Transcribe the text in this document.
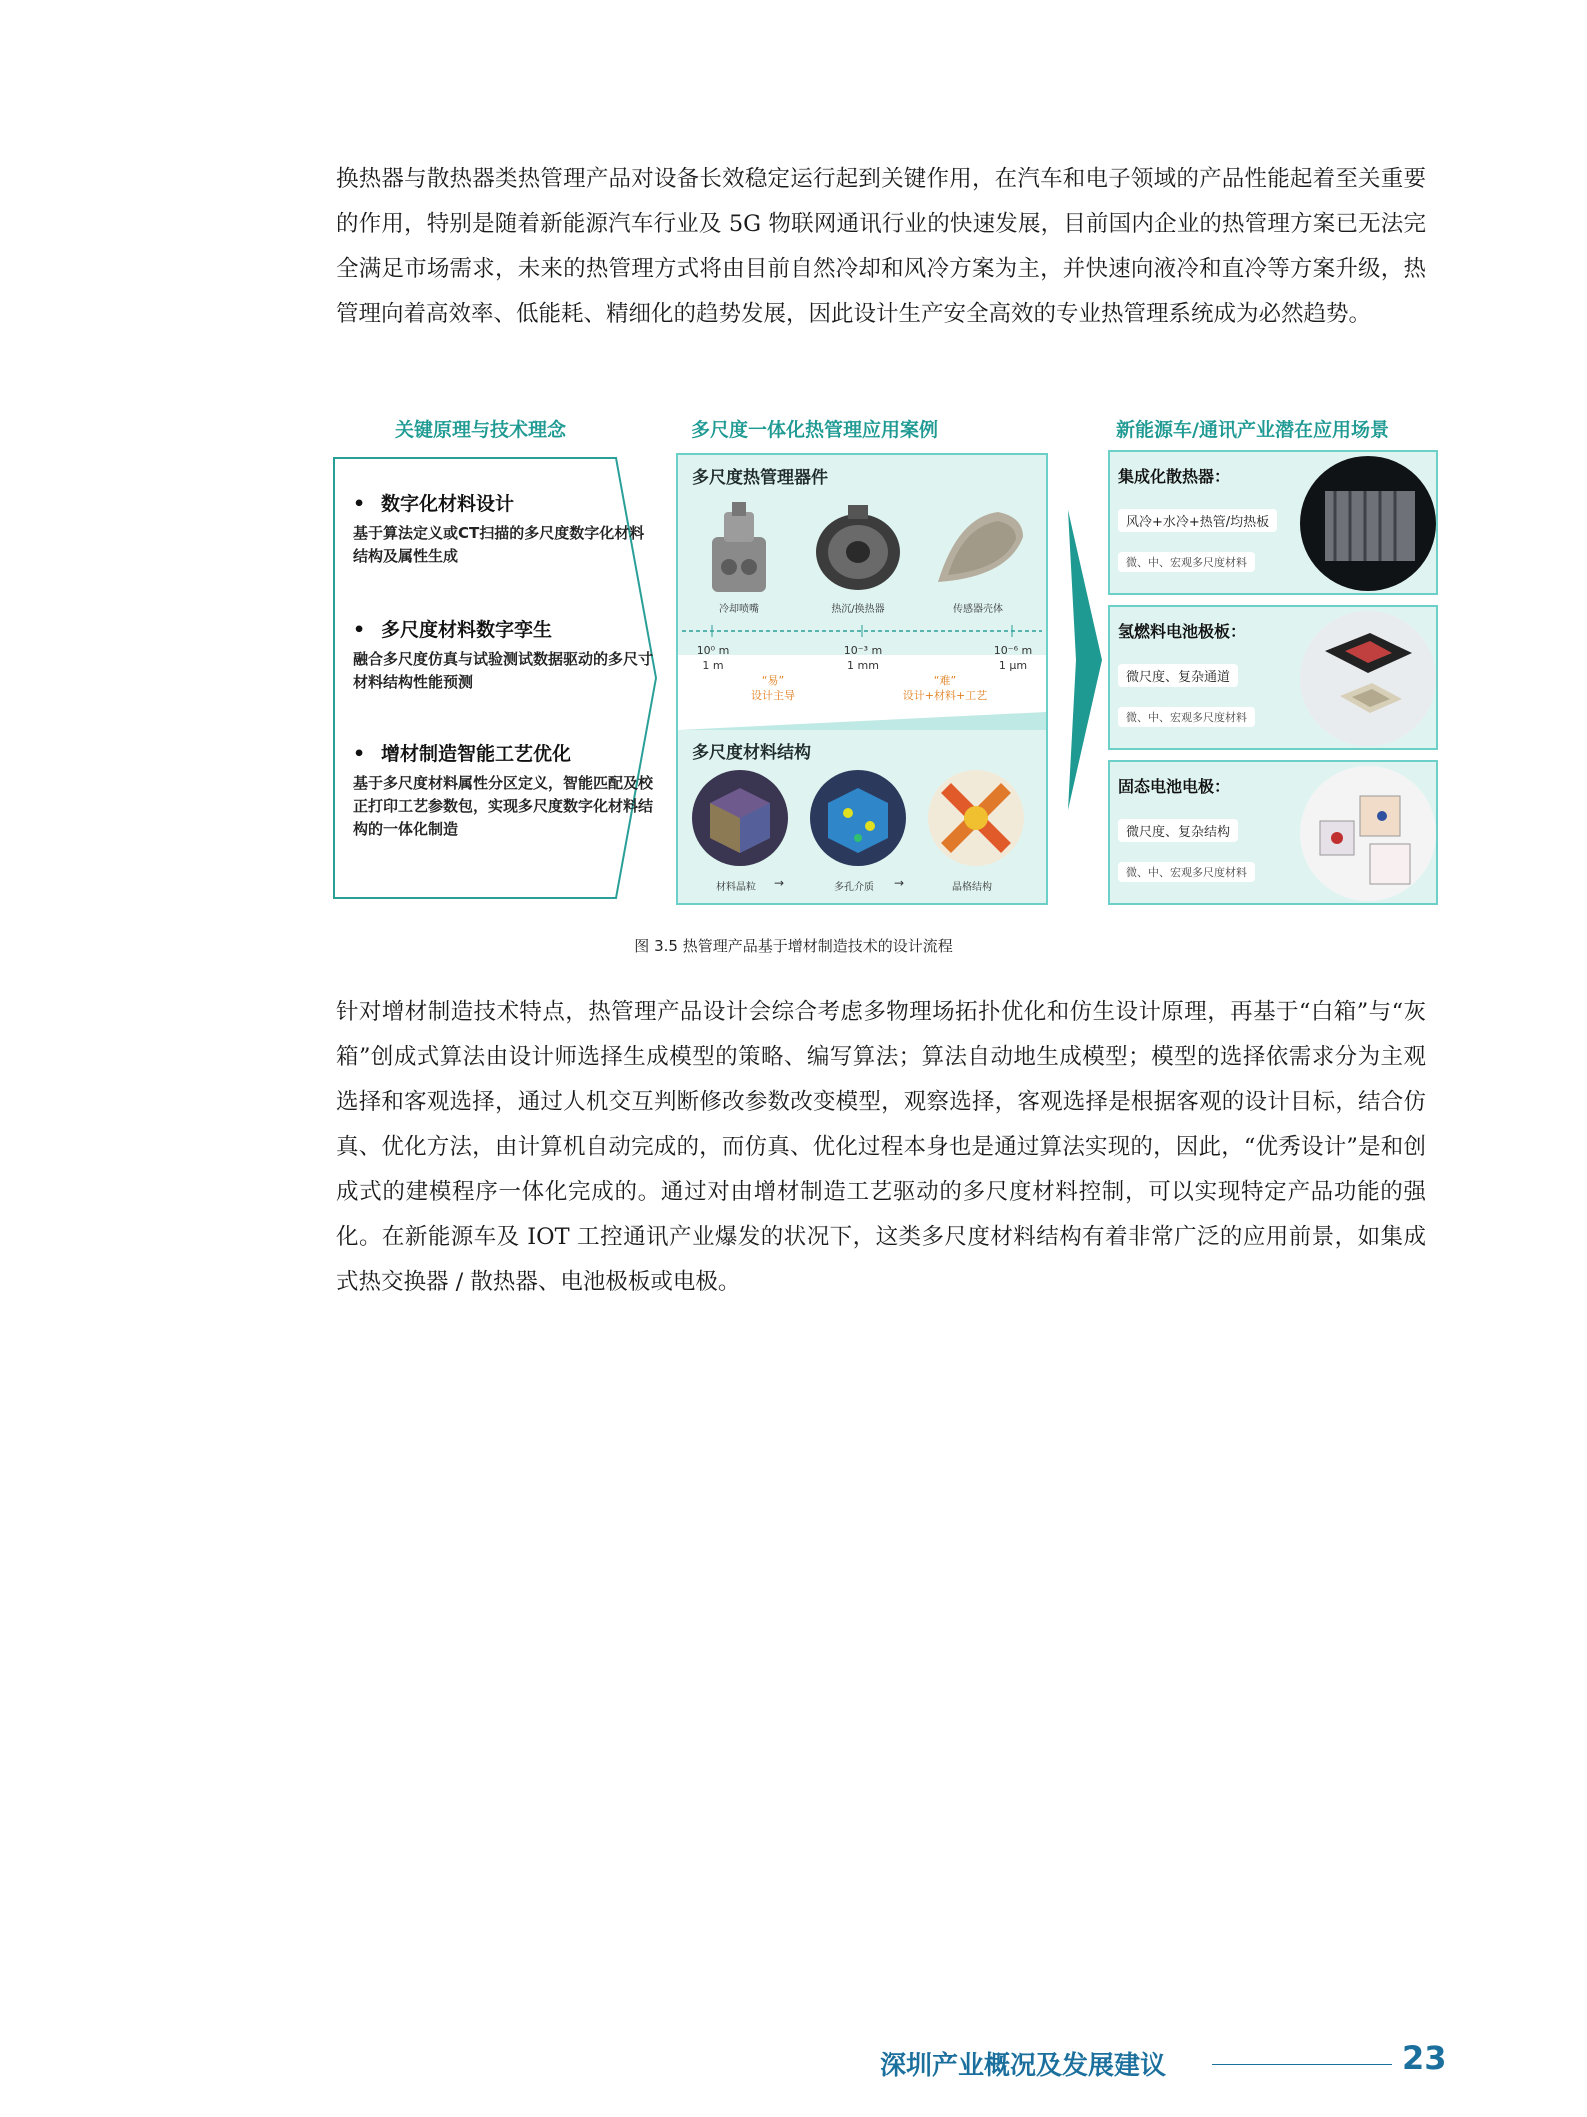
换热器与散热器类热管理产品对设备长效稳定运行起到关键作用，在汽车和电子领域的产品性能起着至关重要的作用，特别是随着新能源汽车行业及 5G 物联网通讯行业的快速发展，目前国内企业的热管理方案已无法完全满足市场需求，未来的热管理方式将由目前自然冷却和风冷方案为主，并快速向液冷和直冷等方案升级，热管理向着高效率、低能耗、精细化的趋势发展，因此设计生产安全高效的专业热管理系统成为必然趋势。

关键原理与技术理念	多尺度一体化热管理应用案例	新能源车/通讯产业潜在应用场景
• 数字化材料设计
基于算法定义或CT扫描的多尺度数字化材料结构及属性生成
• 多尺度材料数字孪生
融合多尺度仿真与试验测试数据驱动的多尺寸材料结构性能预测
• 增材制造智能工艺优化
基于多尺度材料属性分区定义，智能匹配及校正打印工艺参数包，实现多尺度数字化材料结构的一体化制造
多尺度热管理器件
冷却喷嘴	热沉/换热器	传感器壳体
10⁰ m
1 m
10⁻³ m
1 mm
10⁻⁶ m
1 μm
“易”
设计主导
“难”
设计+材料+工艺
多尺度材料结构
材料晶粒 →	多孔介质 →	晶格结构
集成化散热器：
风冷+水冷+热管/均热板
微、中、宏观多尺度材料
氢燃料电池极板：
微尺度、复杂通道
微、中、宏观多尺度材料
固态电池电极：
微尺度、复杂结构
微、中、宏观多尺度材料
图 3.5 热管理产品基于增材制造技术的设计流程

针对增材制造技术特点，热管理产品设计会综合考虑多物理场拓扑优化和仿生设计原理，再基于“白箱”与“灰箱”创成式算法由设计师选择生成模型的策略、编写算法；算法自动地生成模型；模型的选择依需求分为主观选择和客观选择，通过人机交互判断修改参数改变模型，观察选择，客观选择是根据客观的设计目标，结合仿真、优化方法，由计算机自动完成的，而仿真、优化过程本身也是通过算法实现的，因此，“优秀设计”是和创成式的建模程序一体化完成的。通过对由增材制造工艺驱动的多尺度材料控制，可以实现特定产品功能的强化。在新能源车及 IOT 工控通讯产业爆发的状况下，这类多尺度材料结构有着非常广泛的应用前景，如集成式热交换器 / 散热器、电池极板或电极。

深圳产业概况及发展建议	23
